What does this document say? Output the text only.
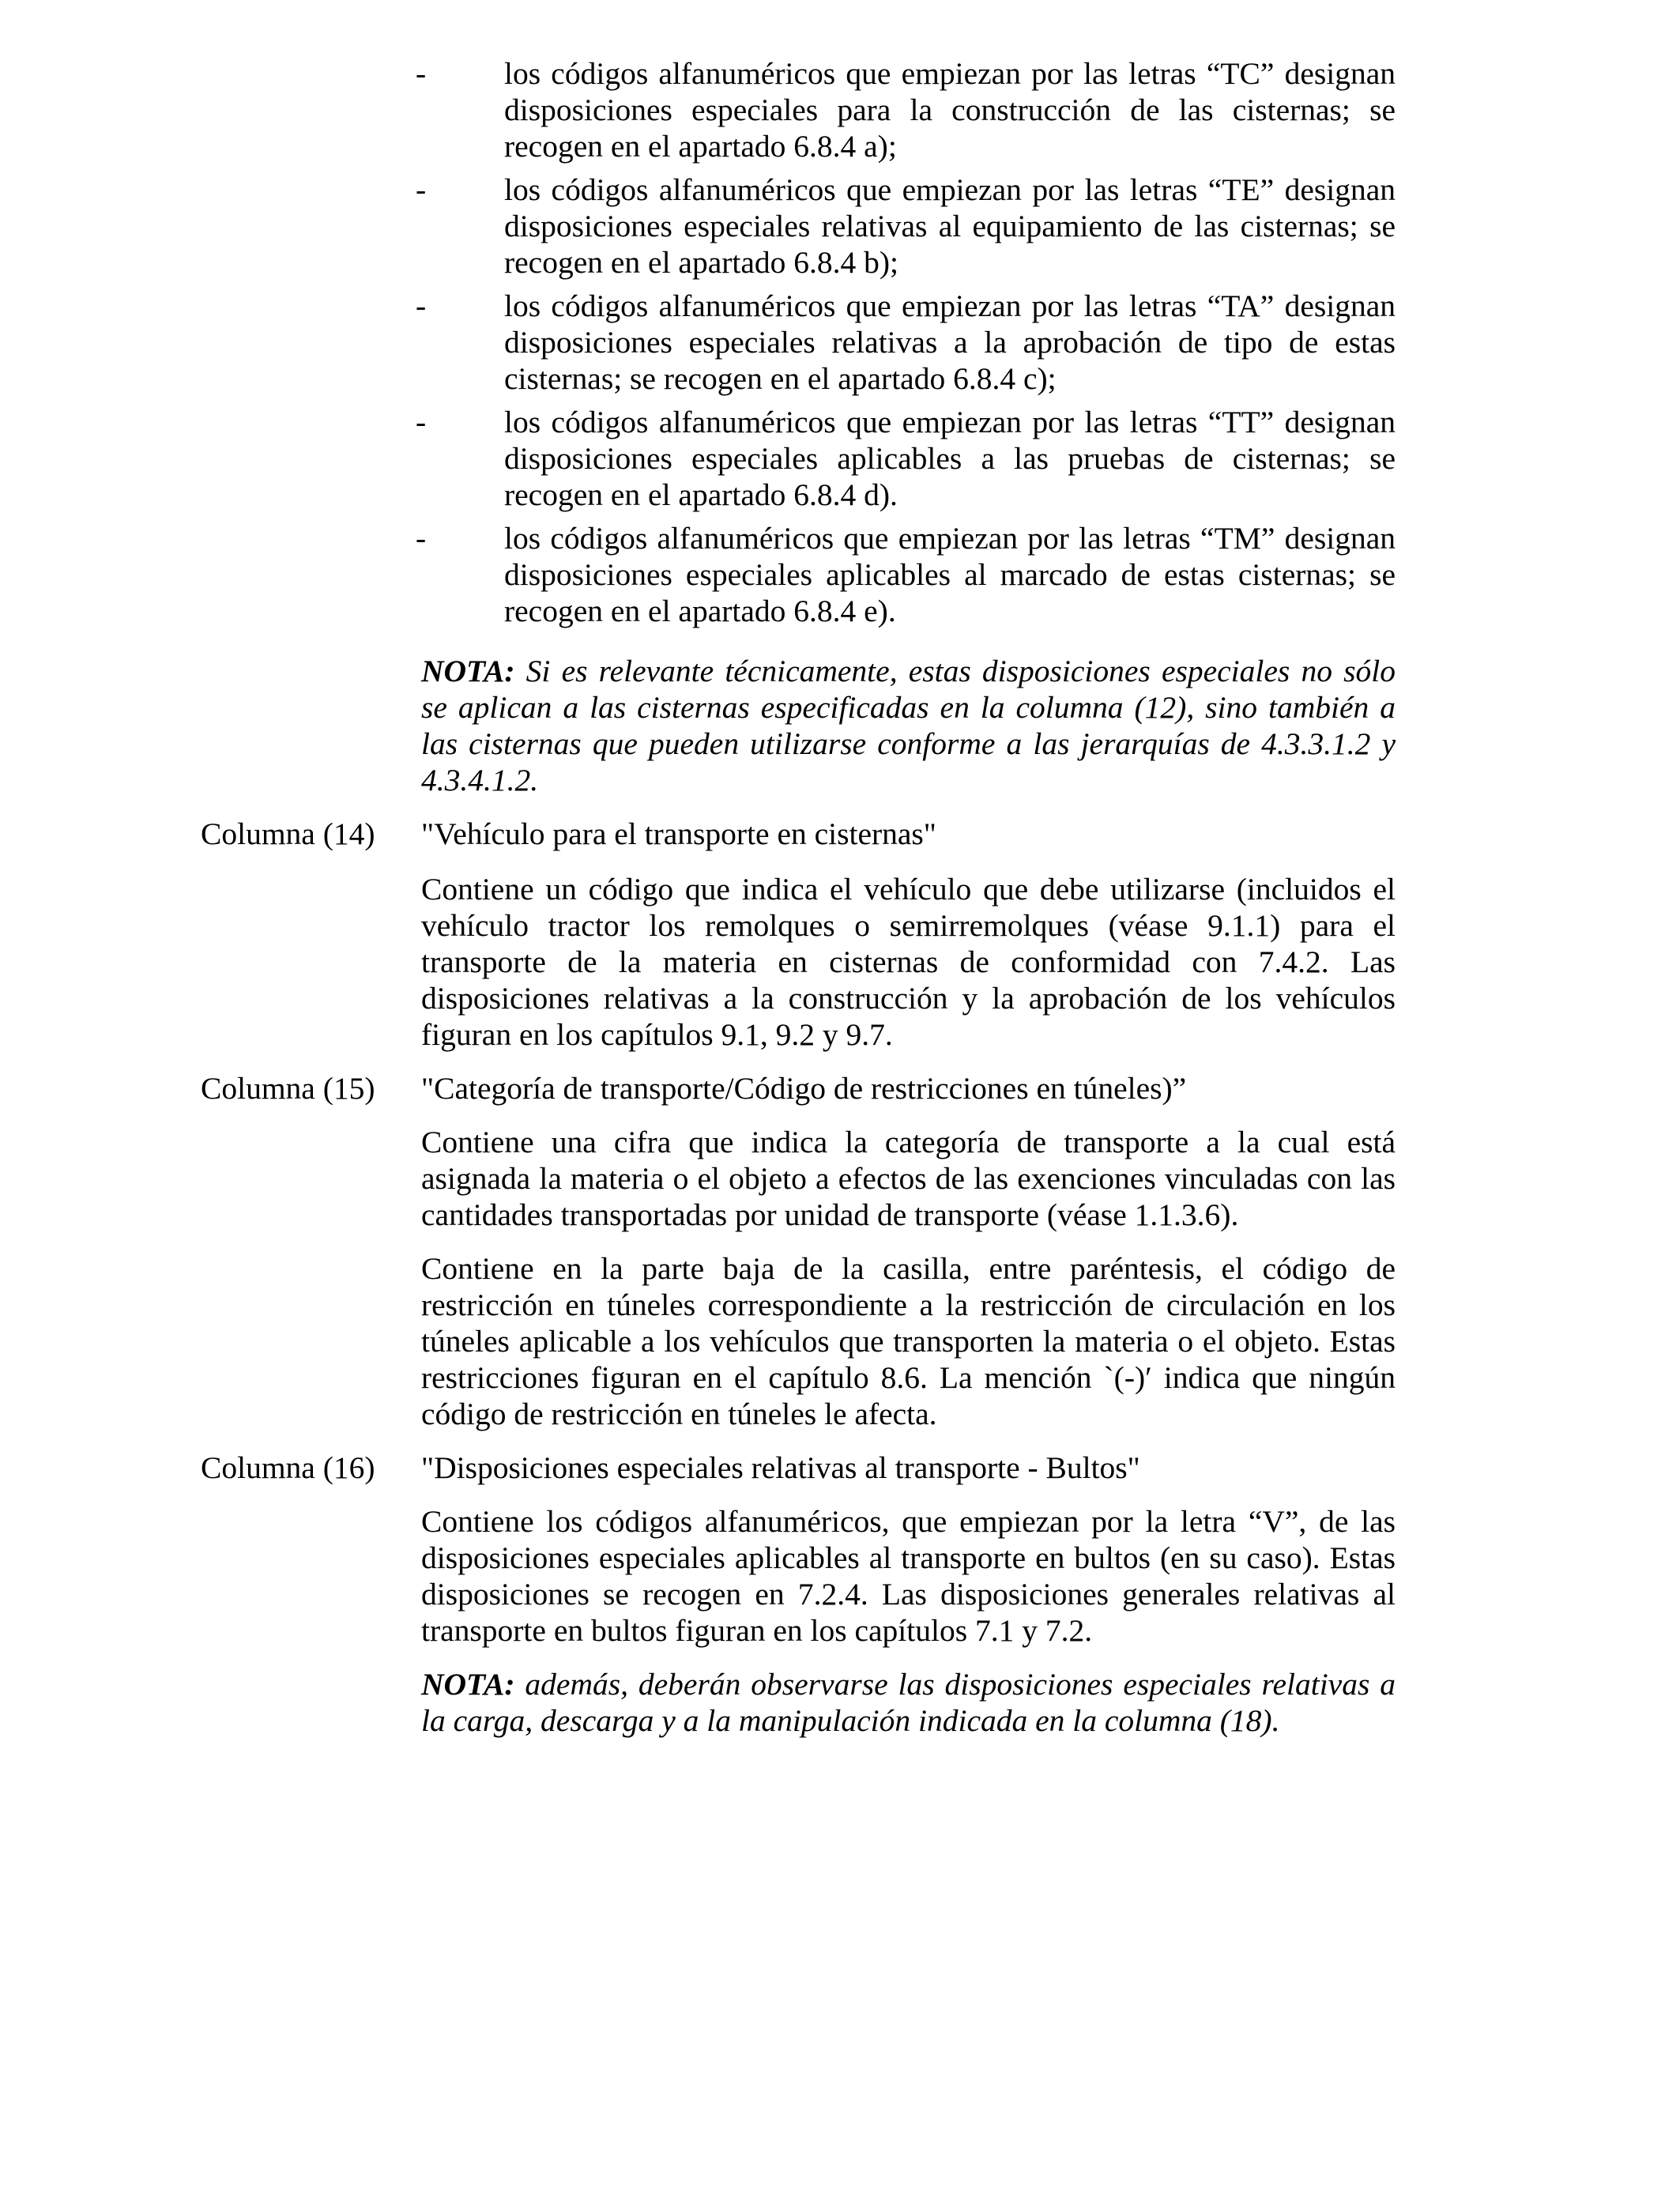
-	los códigos alfanuméricos que empiezan por las letras “TC” designan disposiciones especiales para la construcción de las cisternas; se recogen en el apartado 6.8.4 a);
-	los códigos alfanuméricos que empiezan por las letras “TE” designan disposiciones especiales relativas al equipamiento de las cisternas; se recogen en el apartado 6.8.4 b);
-	los códigos alfanuméricos que empiezan por las letras “TA” designan disposiciones especiales relativas a la aprobación de tipo de estas cisternas; se recogen en el apartado 6.8.4 c);
-	los códigos alfanuméricos que empiezan por las letras “TT” designan disposiciones especiales aplicables a las pruebas de cisternas; se recogen en el apartado 6.8.4 d).
-	los códigos alfanuméricos que empiezan por las letras “TM” designan disposiciones especiales aplicables al marcado de estas cisternas; se recogen en el apartado 6.8.4 e).
NOTA: Si es relevante técnicamente, estas disposiciones especiales no sólo se aplican a las cisternas especificadas en la columna (12), sino también a las cisternas que pueden utilizarse conforme a las jerarquías de 4.3.3.1.2 y 4.3.4.1.2.
Columna (14) "Vehículo para el transporte en cisternas"
Contiene un código que indica el vehículo que debe utilizarse (incluidos el vehículo tractor los remolques o semirremolques (véase 9.1.1) para el transporte de la materia en cisternas de conformidad con 7.4.2. Las disposiciones relativas a la construcción y la aprobación de los vehículos figuran en los capítulos 9.1, 9.2 y 9.7.
Columna (15) "Categoría de transporte/Código de restricciones en túneles)”
Contiene una cifra que indica la categoría de transporte a la cual está asignada la materia o el objeto a efectos de las exenciones vinculadas con las cantidades transportadas por unidad de transporte (véase 1.1.3.6).
Contiene en la parte baja de la casilla, entre paréntesis, el código de restricción en túneles correspondiente a la restricción de circulación en los túneles aplicable a los vehículos que transporten la materia o el objeto. Estas restricciones figuran en el capítulo 8.6. La mención `(-)′ indica que ningún código de restricción en túneles le afecta.
Columna (16) "Disposiciones especiales relativas al transporte - Bultos"
Contiene los códigos alfanuméricos, que empiezan por la letra “V”, de las disposiciones especiales aplicables al transporte en bultos (en su caso). Estas disposiciones se recogen en 7.2.4. Las disposiciones generales relativas al transporte en bultos figuran en los capítulos 7.1 y 7.2.
NOTA: además, deberán observarse las disposiciones especiales relativas a la carga, descarga y a la manipulación indicada en la columna (18).
